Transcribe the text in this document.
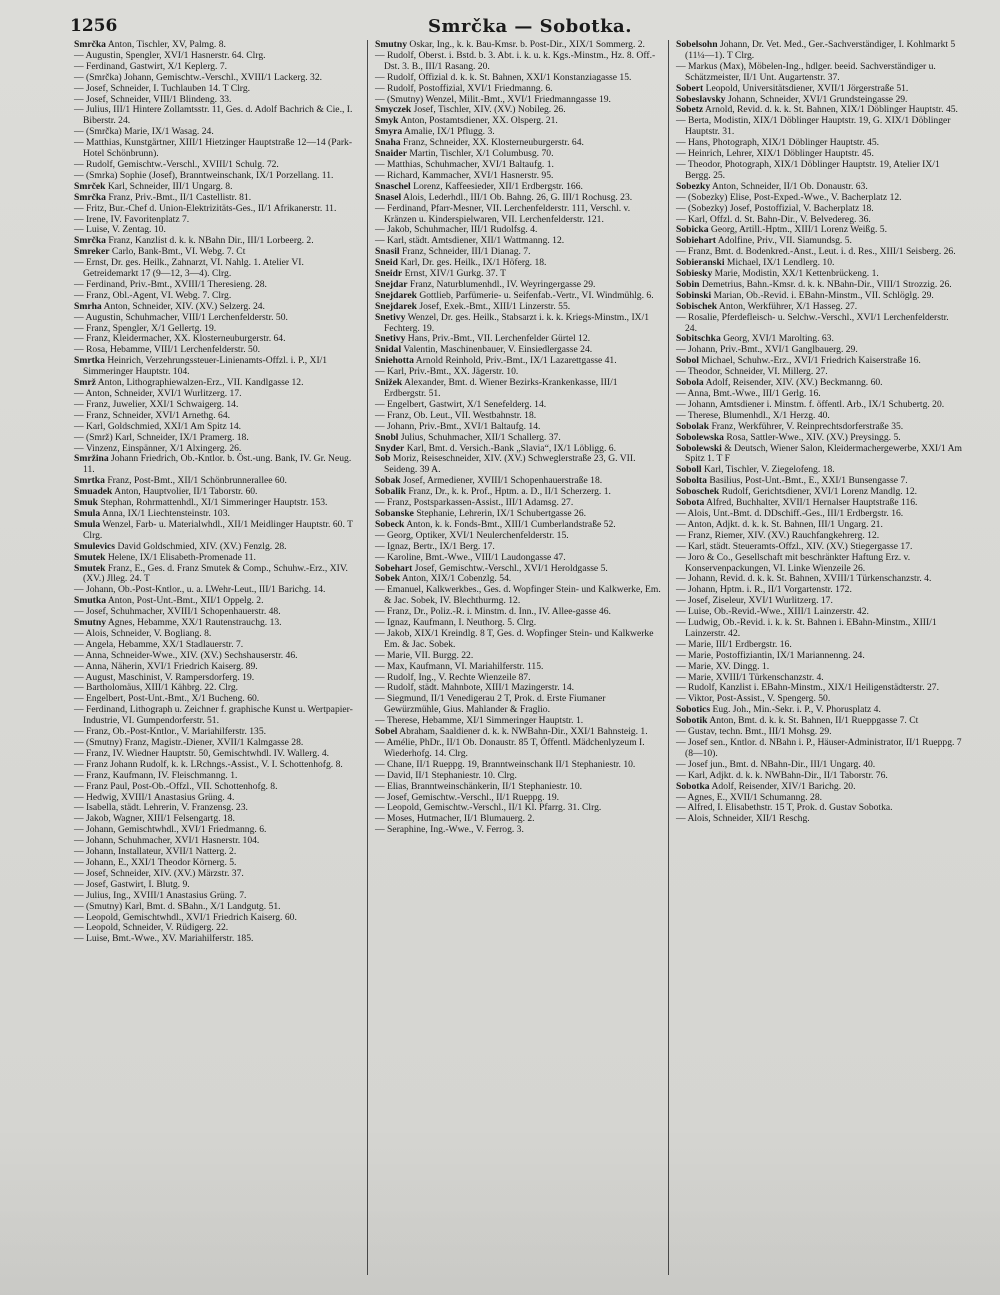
1256	Smrčka — Sobotka.
Smrčka Anton, Tischler, XV, Palmg. 8.
— Augustin, Spengler, XVI/1 Hasnerstr. 64. Clrg.
— Ferdinand, Gastwirt, X/1 Keplerg. 7.
— (Smrčka) Johann, Gemischtw.-Verschl., XVIII/1 Lackerg. 32.
— Josef, Schneider, I. Tuchlauben 14. T Clrg.
— Josef, Schneider, VIII/1 Blindeng. 33.
— Julius, III/1 Hintere Zollamtsstr. 11, Ges. d. Adolf Bachrich & Cie., I. Biberstr. 24.
— (Smrčka) Marie, IX/1 Wasag. 24.
— Matthias, Kunstgärtner, XIII/1 Hietzinger Hauptstraße 12—14 (Park-Hotel Schönbrunn).
— Rudolf, Gemischtw.-Verschl., XVIII/1 Schulg. 72.
— (Smrka) Sophie (Josef), Branntweinschank, IX/1 Porzellang. 11.
Smrček Karl, Schneider, III/1 Ungarg. 8.
Smrčka Franz, Priv.-Bmt., II/1 Castellistr. 81.
— Fritz, Bur.-Chef d. Union-Elektrizitäts-Ges., II/1 Afrikanerstr. 11.
— Irene, IV. Favoritenplatz 7.
— Luise, V. Zentag. 10.
Smrčka Franz, Kanzlist d. k. k. NBahn Dir., III/1 Lorbeerg. 2.
Smreker Carlo, Bank-Bmt., VI. Webg. 7. Ct
— Ernst, Dr. ges. Heilk., Zahnarzt, VI. Nahlg. 1. Atelier VI. Getreidemarkt 17 (9—12, 3—4). Clrg.
— Ferdinand, Priv.-Bmt., XVIII/1 Theresieng. 28.
— Franz, Obl.-Agent, VI. Webg. 7. Clrg.
Smrha Anton, Schneider, XIV. (XV.) Selzerg. 24.
— Augustin, Schuhmacher, VIII/1 Lerchenfelderstr. 50.
— Franz, Spengler, X/1 Gellertg. 19.
— Franz, Kleidermacher, XX. Klosterneuburgerstr. 64.
— Rosa, Hebamme, VIII/1 Lerchenfelderstr. 50.
Smrtka Heinrich, Verzehrungssteuer-Linienamts-Offzl. i. P., XI/1 Simmeringer Hauptstr. 104.
Smrž Anton, Lithographiewalzen-Erz., VII. Kandlgasse 12.
— Anton, Schneider, XVI/1 Wurlitzerg. 17.
— Franz, Juwelier, XXI/1 Schwaigerg. 14.
— Franz, Schneider, XVI/1 Arnethg. 64.
— Karl, Goldschmied, XXI/1 Am Spitz 14.
— (Smrž) Karl, Schneider, IX/1 Pramerg. 18.
— Vinzenz, Einspänner, X/1 Alxingerg. 26.
Smržina Johann Friedrich, Ob.-Kntlor. b. Öst.-ung. Bank, IV. Gr. Neug. 11.
Smrtka Franz, Post-Bmt., XII/1 Schönbrunnerallee 60.
Smuadek Anton, Hauptvolier, II/1 Taborstr. 60.
Smuk Stephan, Rohrmattenhdl., XI/1 Simmeringer Hauptstr. 153.
Smula Anna, IX/1 Liechtensteinstr. 103.
Smula Wenzel, Farb- u. Materialwhdl., XII/1 Meidlinger Hauptstr. 60. T Clrg.
Smulevics David Goldschmied, XIV. (XV.) Fenzlg. 28.
Smutek Helene, IX/1 Elisabeth-Promenade 11.
Smutek Franz, E., Ges. d. Franz Smutek & Comp., Schuhw.-Erz., XIV. (XV.) Jlleg. 24. T
— Johann, Ob.-Post-Kntlor., u. a. LWehr-Leut., III/1 Barichg. 14.
Smutka Anton, Post-Unt.-Bmt., XII/1 Oppelg. 2.
— Josef, Schuhmacher, XVIII/1 Schopenhauerstr. 48.
Smutny Agnes, Hebamme, XX/1 Rautenstrauchg. 13.
— Alois, Schneider, V. Bogliang. 8.
— Angela, Hebamme, XX/1 Stadlauerstr. 7.
— Anna, Schneider-Wwe., XIV. (XV.) Sechshauserstr. 46.
— Anna, Näherin, XVI/1 Friedrich Kaiserg. 89.
— August, Maschinist, V. Rampersdorferg. 19.
— Bartholomäus, XIII/1 Kähbrg. 22. Clrg.
— Engelbert, Post-Unt.-Bmt., X/1 Bucheng. 60.
— Ferdinand, Lithograph u. Zeichner f. graphische Kunst u. Wertpapier-Industrie, VI. Gumpendorferstr. 51.
— Franz, Ob.-Post-Kntlor., V. Mariahilferstr. 135.
— (Smutny) Franz, Magistr.-Diener, XVII/1 Kalmgasse 28.
— Franz, IV. Wiedner Hauptstr. 50, Gemischtwhdl. IV. Wallerg. 4.
— Franz Johann Rudolf, k. k. LRchngs.-Assist., V. I. Schottenhofg. 8.
— Franz, Kaufmann, IV. Fleischmanng. 1.
— Franz Paul, Post-Ob.-Offzl., VII. Schottenhofg. 8.
— Hedwig, XVIII/1 Anastasius Grüng. 4.
— Isabella, städt. Lehrerin, V. Franzensg. 23.
— Jakob, Wagner, XIII/1 Felsengartg. 18.
— Johann, Gemischtwhdl., XVI/1 Friedmanng. 6.
— Johann, Schuhmacher, XVI/1 Hasnerstr. 104.
— Johann, Installateur, XVII/1 Natterg. 2.
— Johann, E., XXI/1 Theodor Körnerg. 5.
— Josef, Schneider, XIV. (XV.) Märzstr. 37.
— Josef, Gastwirt, I. Blutg. 9.
— Julius, Ing., XVIII/1 Anastasius Grüng. 7.
— (Smutny) Karl, Bmt. d. SBahn., X/1 Landgutg. 51.
— Leopold, Gemischtwhdl., XVI/1 Friedrich Kaiserg. 60.
— Leopold, Schneider, V. Rüdigerg. 22.
— Luise, Bmt.-Wwe., XV. Mariahilferstr. 185.
Smutny Oskar, Ing., k. k. Bau-Kmsr. b. Post-Dir., XIX/1 Sommerg. 2.
— Rudolf, Oberst. i. Bstd. b. 3. Abt. i. k. u. k. Kgs.-Minstm., Hz. 8. Off.-Dst. 3. B., III/1 Rasang. 20.
— Rudolf, Offizial d. k. k. St. Bahnen, XXI/1 Konstanziagasse 15.
— Rudolf, Postoffizial, XVI/1 Friedmanng. 6.
— (Smutny) Wenzel, Milit.-Bmt., XVI/1 Friedmanngasse 19.
Smyczek Josef, Tischler, XIV. (XV.) Nobileg. 26.
Smyk Anton, Postamtsdiener, XX. Olsperg. 21.
Smyra Amalie, IX/1 Pflugg. 3.
Snaha Franz, Schneider, XX. Klosterneuburgerstr. 64.
Snaider Martin, Tischler, X/1 Columbusg. 70.
— Matthias, Schuhmacher, XVI/1 Baltaufg. 1.
— Richard, Kammacher, XVI/1 Hasnerstr. 95.
Snaschel Lorenz, Kaffeesieder, XII/1 Erdbergstr. 166.
Snasel Alois, Lederhdl., III/1 Ob. Bahng. 26, G. III/1 Rochusg. 23.
— Ferdinand, Pfarr-Mesner, VII. Lerchenfelderstr. 111, Verschl. v. Kränzen u. Kinderspielwaren, VII. Lerchenfelderstr. 121.
— Jakob, Schuhmacher, III/1 Rudolfsg. 4.
— Karl, städt. Amtsdiener, XII/1 Wattmanng. 12.
Snasil Franz, Schneider, III/1 Dianag. 7.
Sneid Karl, Dr. ges. Heilk., IX/1 Höferg. 18.
Sneidr Ernst, XIV/1 Gurkg. 37. T
Snejdar Franz, Naturblumenhdl., IV. Weyringergasse 29.
Snejdarek Gottlieb, Parfümerie- u. Seifenfab.-Vertr., VI. Windmühlg. 6.
Snejdarek Josef, Exek.-Bmt., XIII/1 Linzerstr. 55.
Snetivy Wenzel, Dr. ges. Heilk., Stabsarzt i. k. k. Kriegs-Minstm., IX/1 Fechterg. 19.
Snetivy Hans, Priv.-Bmt., VII. Lerchenfelder Gürtel 12.
Snidal Valentin, Maschinenbauer, V. Einsiedlergasse 24.
Sniehotta Arnold Reinhold, Priv.-Bmt., IX/1 Lazarettgasse 41.
— Karl, Priv.-Bmt., XX. Jägerstr. 10.
Snižek Alexander, Bmt. d. Wiener Bezirks-Krankenkasse, III/1 Erdbergstr. 51.
— Engelbert, Gastwirt, X/1 Senefelderg. 14.
— Franz, Ob. Leut., VII. Westbahnstr. 18.
— Johann, Priv.-Bmt., XVI/1 Baltaufg. 14.
Snobl Julius, Schuhmacher, XII/1 Schallerg. 37.
Snyder Karl, Bmt. d. Versich.-Bank „Slavia“, IX/1 Löbligg. 6.
Sob Moriz, Reiseschneider, XIV. (XV.) Schweglerstraße 23, G. VII. Seideng. 39 A.
Sobak Josef, Armediener, XVIII/1 Schopenhauerstraße 18.
Sobalik Franz, Dr., k. k. Prof., Hptm. a. D., II/1 Scherzerg. 1.
— Franz, Postsparkassen-Assist., III/1 Adamsg. 27.
Sobanske Stephanie, Lehrerin, IX/1 Schubertgasse 26.
Sobeck Anton, k. k. Fonds-Bmt., XIII/1 Cumberlandstraße 52.
— Georg, Optiker, XVI/1 Neulerchenfelderstr. 15.
— Ignaz, Bertr., IX/1 Berg. 17.
— Karoline, Bmt.-Wwe., VIII/1 Laudongasse 47.
Sobehart Josef, Gemischtw.-Verschl., XVI/1 Heroldgasse 5.
Sobek Anton, XIX/1 Cobenzlg. 54.
— Emanuel, Kalkwerkbes., Ges. d. Wopfinger Stein- und Kalkwerke, Em. & Jac. Sobek, IV. Blechthurmg. 12.
— Franz, Dr., Poliz.-R. i. Minstm. d. Inn., IV. Allee-gasse 46.
— Ignaz, Kaufmann, I. Neuthorg. 5. Clrg.
— Jakob, XIX/1 Kreindlg. 8 T, Ges. d. Wopfinger Stein- und Kalkwerke Em. & Jac. Sobek.
— Marie, VII. Burgg. 22.
— Max, Kaufmann, VI. Mariahilferstr. 115.
— Rudolf, Ing., V. Rechte Wienzeile 87.
— Rudolf, städt. Mahnbote, XIII/1 Mazingerstr. 14.
— Siegmund, II/1 Venedigerau 2 T, Prok. d. Erste Fiumaner Gewürzmühle, Gius. Mahlander & Fraglio.
— Therese, Hebamme, XI/1 Simmeringer Hauptstr. 1.
Sobel Abraham, Saaldiener d. k. k. NWBahn-Dir., XXI/1 Bahnsteig. 1.
— Amélie, PhDr., II/1 Ob. Donaustr. 85 T, Öffentl. Mädchenlyzeum I. Wiederhofg. 14. Clrg.
— Chane, II/1 Rueppg. 19, Branntweinschank II/1 Stephaniestr. 10.
— David, II/1 Stephaniestr. 10. Clrg.
— Elias, Branntweinschänkerin, II/1 Stephaniestr. 10.
— Josef, Gemischtw.-Verschl., II/1 Rueppg. 19.
— Leopold, Gemischtw.-Verschl., II/1 Kl. Pfarrg. 31. Clrg.
— Moses, Hutmacher, II/1 Blumauerg. 2.
— Seraphine, Ing.-Wwe., V. Ferrog. 3.
Sobelsohn Johann, Dr. Vet. Med., Ger.-Sachverständiger, I. Kohlmarkt 5 (11¼—1). T Clrg.
— Markus (Max), Möbelen-Ing., hdlger. beeid. Sachverständiger u. Schätzmeister, II/1 Unt. Augartenstr. 37.
Sobert Leopold, Universitätsdiener, XVII/1 Jörgerstraße 51.
Sobeslavsky Johann, Schneider, XVI/1 Grundsteingasse 29.
Sobetz Arnold, Revid. d. k. k. St. Bahnen, XIX/1 Döblinger Hauptstr. 45.
— Berta, Modistin, XIX/1 Döblinger Hauptstr. 19, G. XIX/1 Döblinger Hauptstr. 31.
— Hans, Photograph, XIX/1 Döblinger Hauptstr. 45.
— Heinrich, Lehrer, XIX/1 Döblinger Hauptstr. 45.
— Theodor, Photograph, XIX/1 Döblinger Hauptstr. 19, Atelier IX/1 Bergg. 25.
Sobezky Anton, Schneider, II/1 Ob. Donaustr. 63.
— (Sobezky) Elise, Post-Exped.-Wwe., V. Bacherplatz 12.
— (Sobezky) Josef, Postoffizial, V. Bacherplatz 18.
— Karl, Offzl. d. St. Bahn-Dir., V. Belvedereg. 36.
Sobicka Georg, Artill.-Hptm., XIII/1 Lorenz Weißg. 5.
Sobiehart Adolfine, Priv., VII. Siamundsg. 5.
— Franz, Bmt. d. Bodenkred.-Anst., Leut. i. d. Res., XIII/1 Seisberg. 26.
Sobieranski Michael, IX/1 Lendlerg. 10.
Sobiesky Marie, Modistin, XX/1 Kettenbrückeng. 1.
Sobin Demetrius, Bahn.-Kmsr. d. k. k. NBahn-Dir., VIII/1 Strozzig. 26.
Sobinski Marian, Ob.-Revid. i. EBahn-Minstm., VII. Schlöglg. 29.
Sobischek Anton, Werkführer, X/1 Hasseg. 27.
— Rosalie, Pferdefleisch- u. Selchw.-Verschl., XVI/1 Lerchenfelderstr. 24.
Sobitschka Georg, XVI/1 Marolting. 63.
— Johann, Priv.-Bmt., XVI/1 Ganglbauerg. 29.
Sobol Michael, Schuhw.-Erz., XVI/1 Friedrich Kaiserstraße 16.
— Theodor, Schneider, VI. Millerg. 27.
Sobola Adolf, Reisender, XIV. (XV.) Beckmanng. 60.
— Anna, Bmt.-Wwe., III/1 Gerlg. 16.
— Johann, Amtsdiener i. Minstm. f. öffentl. Arb., IX/1 Schubertg. 20.
— Therese, Blumenhdl., X/1 Herzg. 40.
Sobolak Franz, Werkführer, V. Reinprechtsdorferstraße 35.
Sobolewska Rosa, Sattler-Wwe., XIV. (XV.) Preysingg. 5.
Sobolewski & Deutsch, Wiener Salon, Kleidermachergewerbe, XXI/1 Am Spitz 1. T F
Soboll Karl, Tischler, V. Ziegelofeng. 18.
Sobolta Basilius, Post-Unt.-Bmt., E., XXI/1 Bunsengasse 7.
Soboschek Rudolf, Gerichtsdiener, XVI/1 Lorenz Mandlg. 12.
Sobota Alfred, Buchhalter, XVII/1 Hernalser Hauptstraße 116.
— Alois, Unt.-Bmt. d. DDschiff.-Ges., III/1 Erdbergstr. 16.
— Anton, Adjkt. d. k. k. St. Bahnen, III/1 Ungarg. 21.
— Franz, Riemer, XIV. (XV.) Rauchfangkehrerg. 12.
— Karl, städt. Steueramts-Offzl., XIV. (XV.) Stiegergasse 17.
— Joro & Co., Gesellschaft mit beschränkter Haftung Erz. v. Konservenpackungen, VI. Linke Wienzeile 26.
— Johann, Revid. d. k. k. St. Bahnen, XVIII/1 Türkenschanzstr. 4.
— Johann, Hptm. i. R., II/1 Vorgartenstr. 172.
— Josef, Ziseleur, XVI/1 Wurlitzerg. 17.
— Luise, Ob.-Revid.-Wwe., XIII/1 Lainzerstr. 42.
— Ludwig, Ob.-Revid. i. k. k. St. Bahnen i. EBahn-Minstm., XIII/1 Lainzerstr. 42.
— Marie, III/1 Erdbergstr. 16.
— Marie, Postoffiziantin, IX/1 Mariannenng. 24.
— Marie, XV. Dingg. 1.
— Marie, XVIII/1 Türkenschanzstr. 4.
— Rudolf, Kanzlist i. EBahn-Minstm., XIX/1 Heiligenstädterstr. 27.
— Viktor, Post-Assist., V. Spengerg. 50.
Sobotics Eug. Joh., Min.-Sekr. i. P., V. Phorusplatz 4.
Sobotik Anton, Bmt. d. k. k. St. Bahnen, II/1 Rueppgasse 7. Ct
— Gustav, techn. Bmt., III/1 Mohsg. 29.
— Josef sen., Kntlor. d. NBahn i. P., Häuser-Administrator, II/1 Rueppg. 7 (8—10).
— Josef jun., Bmt. d. NBahn-Dir., III/1 Ungarg. 40.
— Karl, Adjkt. d. k. k. NWBahn-Dir., II/1 Taborstr. 76.
Sobotka Adolf, Reisender, XIV/1 Barichg. 20.
— Agnes, E., XVII/1 Schumanng. 28.
— Alfred, I. Elisabethstr. 15 T, Prok. d. Gustav Sobotka.
— Alois, Schneider, XII/1 Reschg.
